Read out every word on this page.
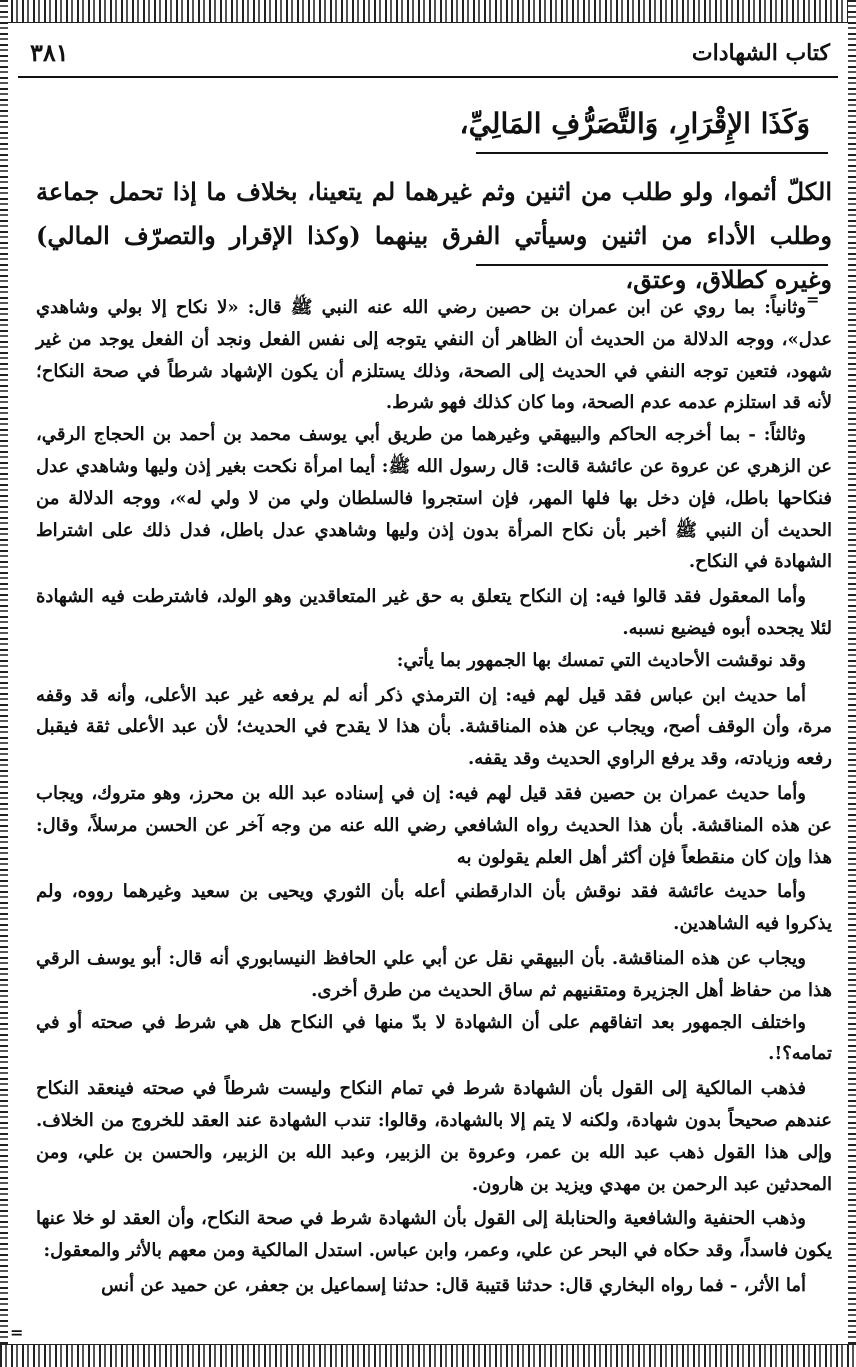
كتاب الشهادات
٣٨١
وَكَذَا الإِقْرَارِ، وَالتَّصَرُّفِ المَالِيِّ،

الكلّ أثموا، ولو طلب من اثنين وثم غيرهما لم يتعينا، بخلاف ما إذا تحمل جماعة وطلب الأداء من اثنين وسيأتي الفرق بينهما (وكذا الإقرار والتصرّف المالي) وغيره كطلاق، وعتق،

=

وثانياً: بما روي عن ابن عمران بن حصين رضي الله عنه النبي ﷺ قال: «لا نكاح إلا بولي وشاهدي عدل»، ووجه الدلالة من الحديث أن الظاهر أن النفي يتوجه إلى نفس الفعل ونجد أن الفعل يوجد من غير شهود، فتعين توجه النفي في الحديث إلى الصحة، وذلك يستلزم أن يكون الإشهاد شرطاً في صحة النكاح؛ لأنه قد استلزم عدمه عدم الصحة، وما كان كذلك فهو شرط.

وثالثاً: - بما أخرجه الحاكم والبيهقي وغيرهما من طريق أبي يوسف محمد بن أحمد بن الحجاج الرقي، عن الزهري عن عروة عن عائشة قالت: قال رسول الله ﷺ: أيما امرأة نكحت بغير إذن وليها وشاهدي عدل فنكاحها باطل، فإن دخل بها فلها المهر، فإن استجروا فالسلطان ولي من لا ولي له»، ووجه الدلالة من الحديث أن النبي ﷺ أخبر بأن نكاح المرأة بدون إذن وليها وشاهدي عدل باطل، فدل ذلك على اشتراط الشهادة في النكاح.

وأما المعقول فقد قالوا فيه: إن النكاح يتعلق به حق غير المتعاقدين وهو الولد، فاشترطت فيه الشهادة لئلا يجحده أبوه فيضيع نسبه.

وقد نوقشت الأحاديث التي تمسك بها الجمهور بما يأتي:

أما حديث ابن عباس فقد قيل لهم فيه: إن الترمذي ذكر أنه لم يرفعه غير عبد الأعلى، وأنه قد وقفه مرة، وأن الوقف أصح، ويجاب عن هذه المناقشة. بأن هذا لا يقدح في الحديث؛ لأن عبد الأعلى ثقة فيقبل رفعه وزيادته، وقد يرفع الراوي الحديث وقد يقفه.

وأما حديث عمران بن حصين فقد قيل لهم فيه: إن في إسناده عبد الله بن محرز، وهو متروك، ويجاب عن هذه المناقشة. بأن هذا الحديث رواه الشافعي رضي الله عنه من وجه آخر عن الحسن مرسلاً، وقال: هذا وإن كان منقطعاً فإن أكثر أهل العلم يقولون به

وأما حديث عائشة فقد نوقش بأن الدارقطني أعله بأن الثوري ويحيى بن سعيد وغيرهما رووه، ولم يذكروا فيه الشاهدين.

ويجاب عن هذه المناقشة. بأن البيهقي نقل عن أبي علي الحافظ النيسابوري أنه قال: أبو يوسف الرقي هذا من حفاظ أهل الجزيرة ومتقنيهم ثم ساق الحديث من طرق أخرى.

واختلف الجمهور بعد اتفاقهم على أن الشهادة لا بدّ منها في النكاح هل هي شرط في صحته أو في تمامه؟!.

فذهب المالكية إلى القول بأن الشهادة شرط في تمام النكاح وليست شرطاً في صحته فينعقد النكاح عندهم صحيحاً بدون شهادة، ولكنه لا يتم إلا بالشهادة، وقالوا: تندب الشهادة عند العقد للخروج من الخلاف. وإلى هذا القول ذهب عبد الله بن عمر، وعروة بن الزبير، وعبد الله بن الزبير، والحسن بن علي، ومن المحدثين عبد الرحمن بن مهدي ويزيد بن هارون.

وذهب الحنفية والشافعية والحنابلة إلى القول بأن الشهادة شرط في صحة النكاح، وأن العقد لو خلا عنها يكون فاسداً، وقد حكاه في البحر عن علي، وعمر، وابن عباس. استدل المالكية ومن معهم بالأثر والمعقول:

أما الأثر، - فما رواه البخاري قال: حدثنا قتيبة قال: حدثنا إسماعيل بن جعفر، عن حميد عن أنس

=
